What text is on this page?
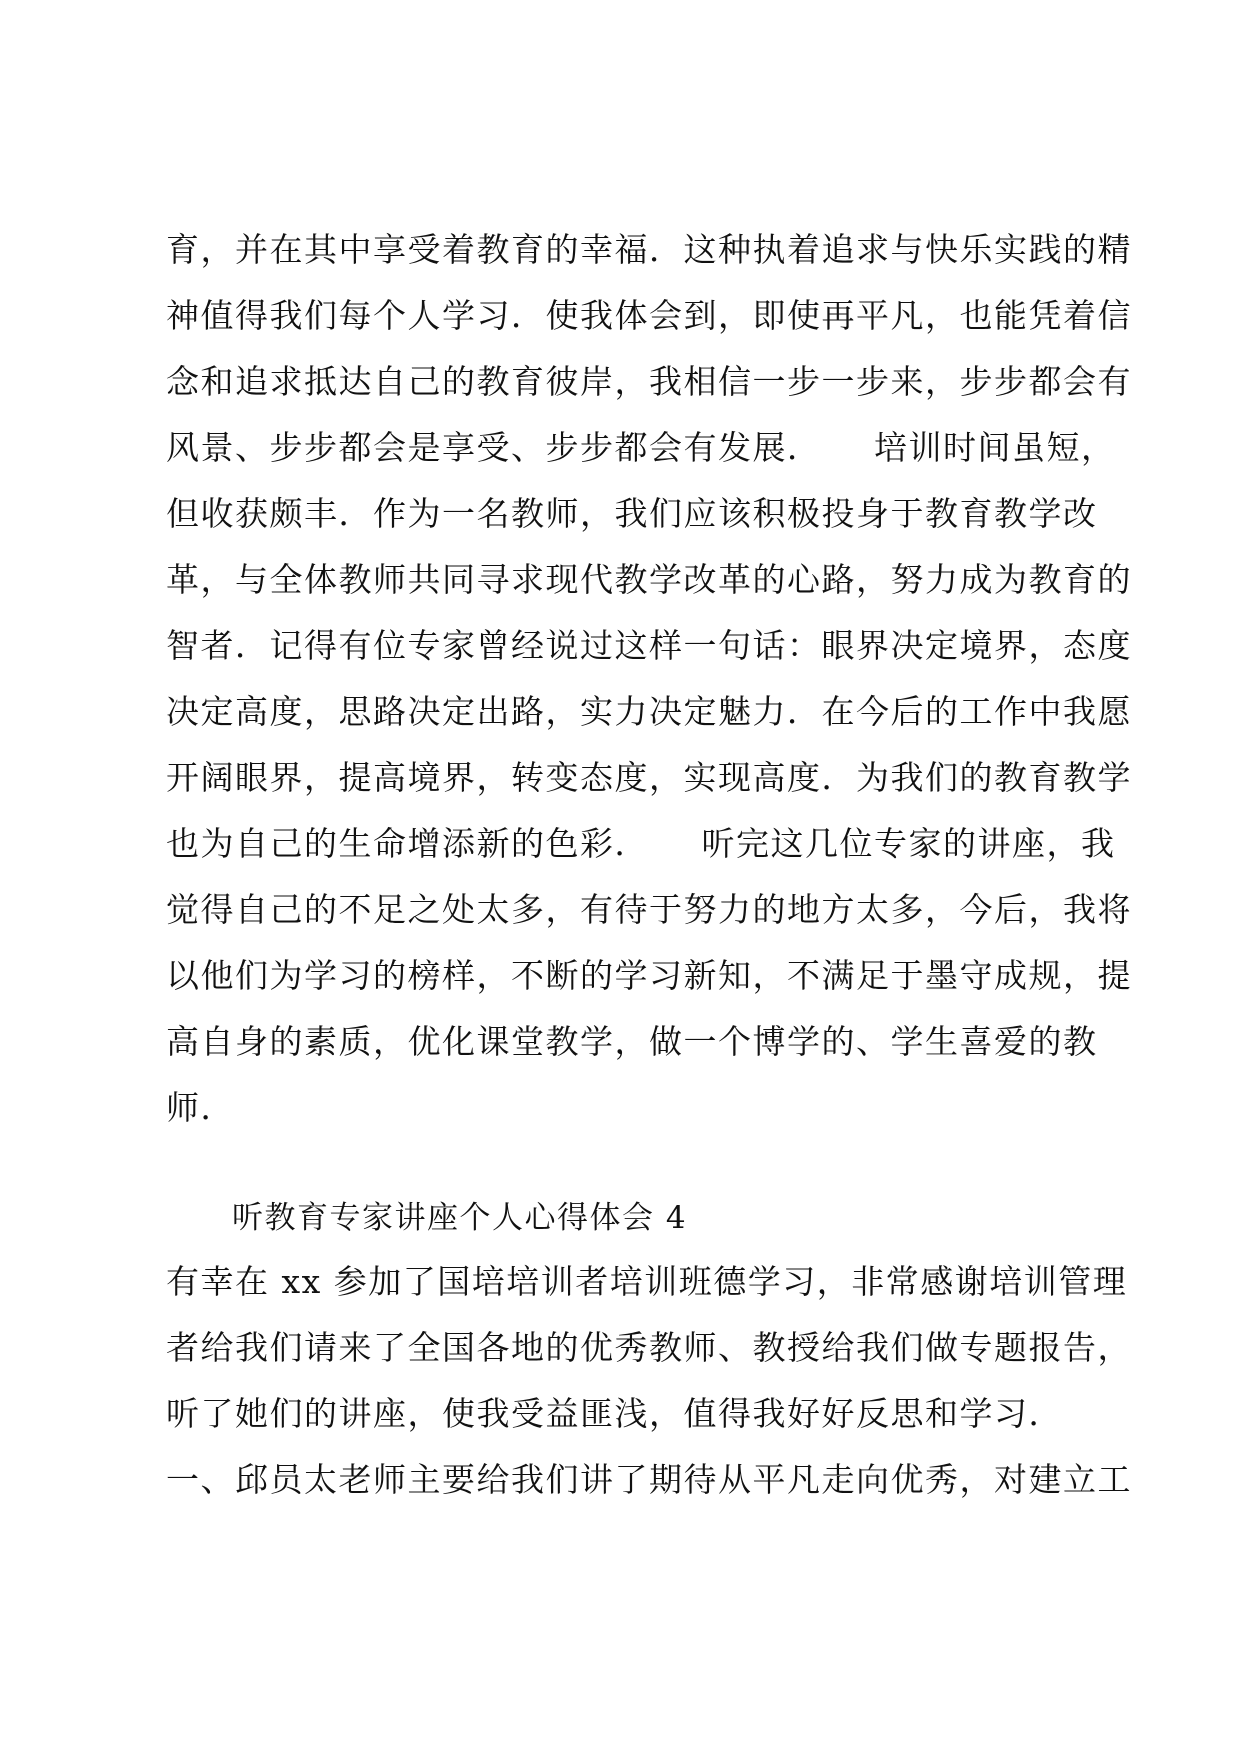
育，并在其中享受着教育的幸福．这种执着追求与快乐实践的精
神值得我们每个人学习．使我体会到，即使再平凡，也能凭着信
念和追求抵达自己的教育彼岸，我相信一步一步来，步步都会有
风景、步步都会是享受、步步都会有发展．　　培训时间虽短，
但收获颇丰．作为一名教师，我们应该积极投身于教育教学改
革，与全体教师共同寻求现代教学改革的心路，努力成为教育的
智者．记得有位专家曾经说过这样一句话：眼界决定境界，态度
决定高度，思路决定出路，实力决定魅力．在今后的工作中我愿
开阔眼界，提高境界，转变态度，实现高度．为我们的教育教学
也为自己的生命增添新的色彩．　　听完这几位专家的讲座，我
觉得自己的不足之处太多，有待于努力的地方太多，今后，我将
以他们为学习的榜样，不断的学习新知，不满足于墨守成规，提
高自身的素质，优化课堂教学，做一个博学的、学生喜爱的教
师．
听教育专家讲座个人心得体会 4
有幸在 xx 参加了国培培训者培训班德学习，非常感谢培训管理
者给我们请来了全国各地的优秀教师、教授给我们做专题报告，
听了她们的讲座，使我受益匪浅，值得我好好反思和学习．
一、邱员太老师主要给我们讲了期待从平凡走向优秀，对建立工
